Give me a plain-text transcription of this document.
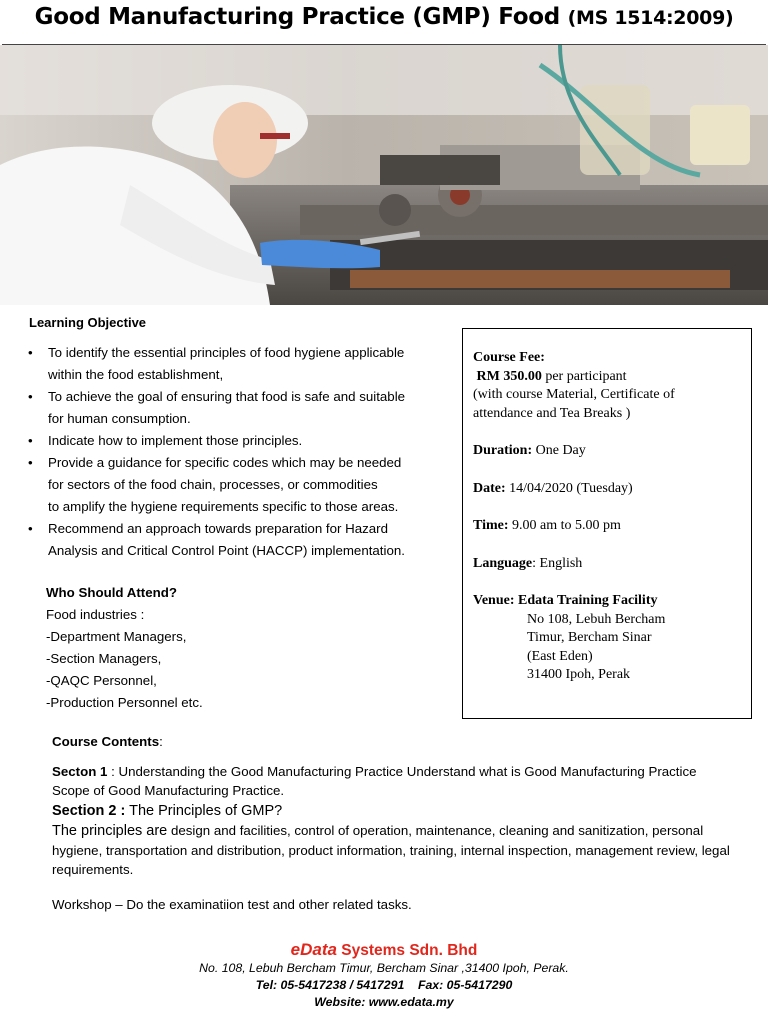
Good Manufacturing Practice (GMP) Food (MS 1514:2009)
Learning Objective
• To identify the essential principles of food hygiene applicable
within the food establishment,
• To achieve the goal of ensuring that food is safe and suitable
for human consumption.
• Indicate how to implement those principles.
• Provide a guidance for specific codes which may be needed
for sectors of the food chain, processes, or commodities
to amplify the hygiene requirements specific to those areas.
• Recommend an approach towards preparation for Hazard
Analysis and Critical Control Point (HACCP) implementation.
Who Should Attend?
Food industries :
-Department Managers,
-Section Managers,
-QAQC Personnel,
-Production Personnel etc.
Course Fee:
RM 350.00 per participant
(with course Material, Certificate of
attendance and Tea Breaks )
Duration: One Day
Date: 14/04/2020 (Tuesday)
Time: 9.00 am to 5.00 pm
Language: English
Venue: Edata Training Facility
No 108, Lebuh Bercham
Timur, Bercham Sinar
(East Eden)
31400 Ipoh, Perak
Course Contents:
Secton 1 : Understanding the Good Manufacturing Practice Understand what is Good Manufacturing Practice Scope of Good Manufacturing Practice.
Section 2 : The Principles of GMP?
The principles are design and facilities, control of operation, maintenance, cleaning and sanitization, personal hygiene, transportation and distribution, product information, training, internal inspection, management review, legal requirements.
Workshop – Do the examinatiion test and other related tasks.
eData Systems Sdn. Bhd
No. 108, Lebuh Bercham Timur, Bercham Sinar ,31400 Ipoh, Perak.
Tel: 05-5417238 / 5417291 Fax: 05-5417290
Website: www.edata.my
